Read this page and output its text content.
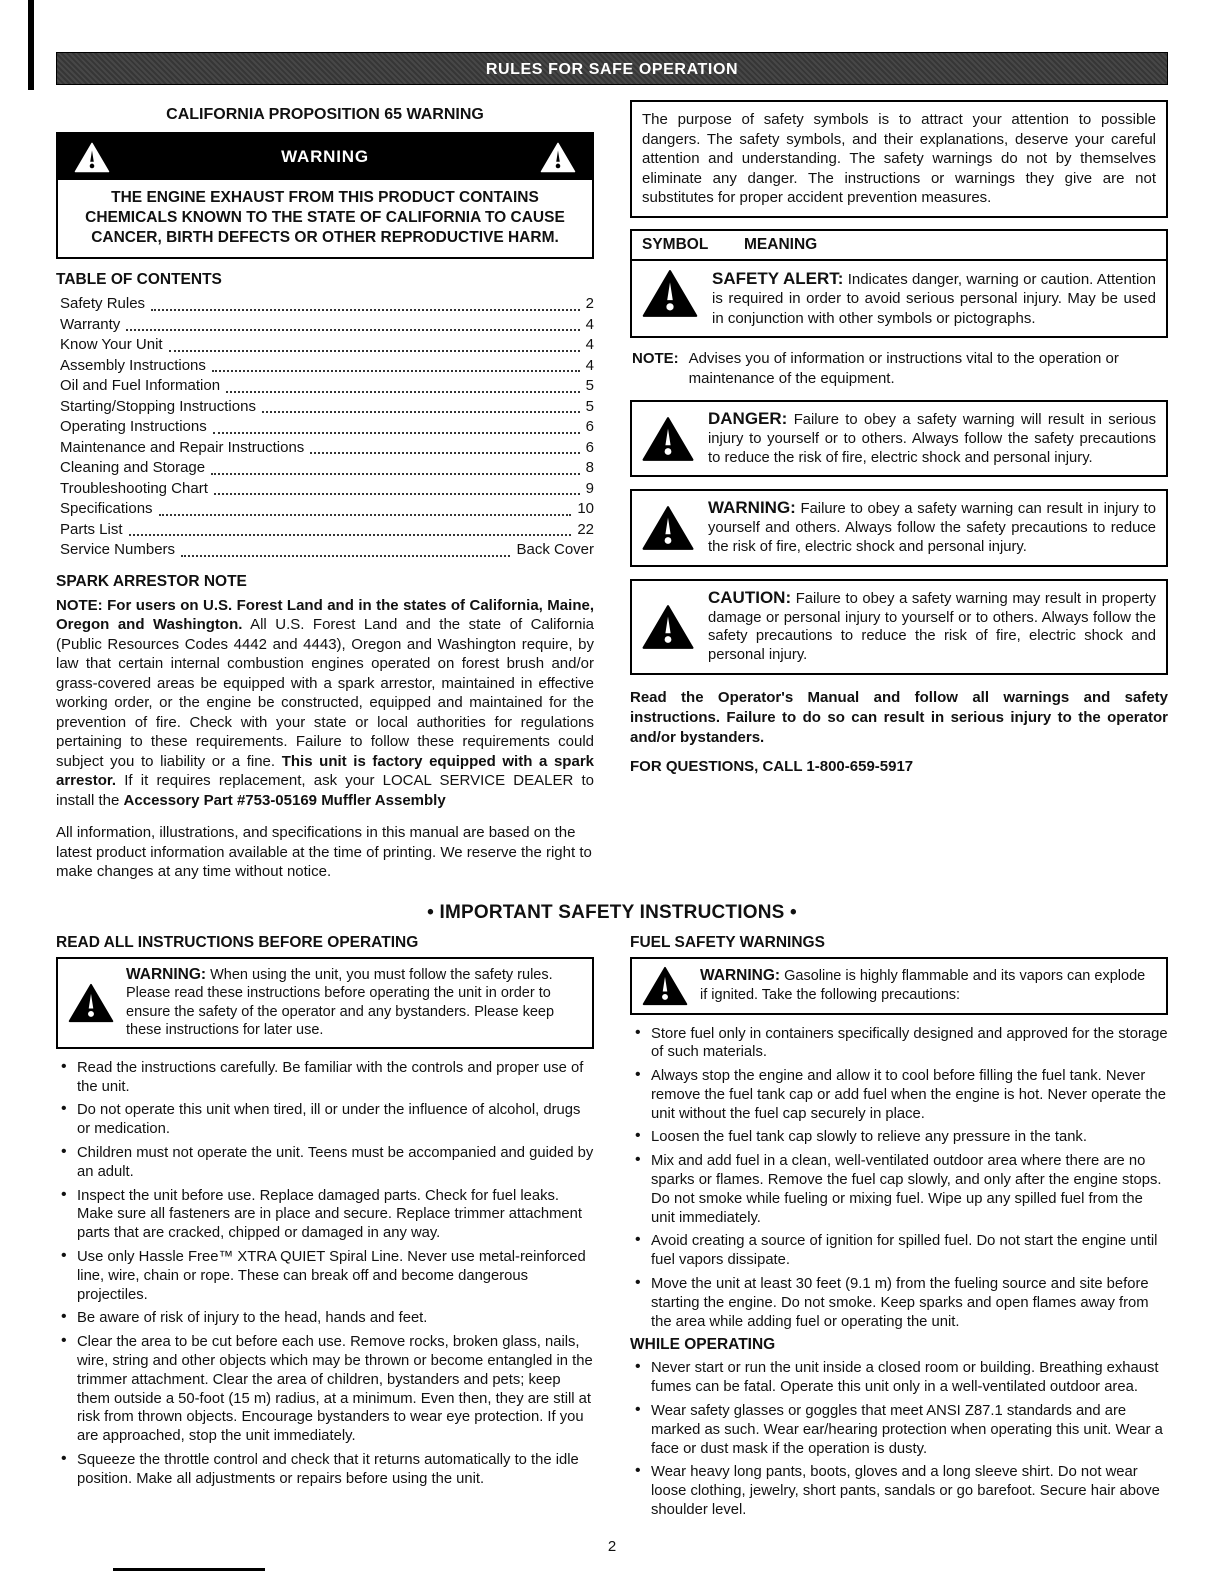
RULES FOR SAFE OPERATION
CALIFORNIA PROPOSITION 65 WARNING
WARNING
THE ENGINE EXHAUST FROM THIS PRODUCT CONTAINS CHEMICALS KNOWN TO THE STATE OF CALIFORNIA TO CAUSE CANCER, BIRTH DEFECTS OR OTHER REPRODUCTIVE HARM.
TABLE OF CONTENTS
Safety Rules	2
Warranty	4
Know Your Unit	4
Assembly Instructions	4
Oil and Fuel Information	5
Starting/Stopping Instructions	5
Operating Instructions	6
Maintenance and Repair Instructions	6
Cleaning and Storage	8
Troubleshooting Chart	9
Specifications	10
Parts List	22
Service Numbers	Back Cover
SPARK ARRESTOR NOTE

NOTE: For users on U.S. Forest Land and in the states of California, Maine, Oregon and Washington. All U.S. Forest Land and the state of California (Public Resources Codes 4442 and 4443), Oregon and Washington require, by law that certain internal combustion engines operated on forest brush and/or grass-covered areas be equipped with a spark arrestor, maintained in effective working order, or the engine be constructed, equipped and maintained for the prevention of fire. Check with your state or local authorities for regulations pertaining to these requirements. Failure to follow these requirements could subject you to liability or a fine. This unit is factory equipped with a spark arrestor. If it requires replacement, ask your LOCAL SERVICE DEALER to install the Accessory Part #753-05169 Muffler Assembly

All information, illustrations, and specifications in this manual are based on the latest product information available at the time of printing. We reserve the right to make changes at any time without notice.

The purpose of safety symbols is to attract your attention to possible dangers. The safety symbols, and their explanations, deserve your careful attention and understanding. The safety warnings do not by themselves eliminate any danger. The instructions or warnings they give are not substitutes for proper accident prevention measures.
SYMBOL	MEANING

SAFETY ALERT: Indicates danger, warning or caution. Attention is required in order to avoid serious personal injury. May be used in conjunction with other symbols or pictographs.

NOTE: Advises you of information or instructions vital to the operation or maintenance of the equipment.

DANGER: Failure to obey a safety warning will result in serious injury to yourself or to others. Always follow the safety precautions to reduce the risk of fire, electric shock and personal injury.

WARNING: Failure to obey a safety warning can result in injury to yourself and others. Always follow the safety precautions to reduce the risk of fire, electric shock and personal injury.

CAUTION: Failure to obey a safety warning may result in property damage or personal injury to yourself or to others. Always follow the safety precautions to reduce the risk of fire, electric shock and personal injury.

Read the Operator's Manual and follow all warnings and safety instructions. Failure to do so can result in serious injury to the operator and/or bystanders.

FOR QUESTIONS, CALL 1-800-659-5917

• IMPORTANT SAFETY INSTRUCTIONS •
READ ALL INSTRUCTIONS BEFORE OPERATING

WARNING: When using the unit, you must follow the safety rules. Please read these instructions before operating the unit in order to ensure the safety of the operator and any bystanders. Please keep these instructions for later use.

• Read the instructions carefully. Be familiar with the controls and proper use of the unit.
• Do not operate this unit when tired, ill or under the influence of alcohol, drugs or medication.
• Children must not operate the unit. Teens must be accompanied and guided by an adult.
• Inspect the unit before use. Replace damaged parts. Check for fuel leaks. Make sure all fasteners are in place and secure. Replace trimmer attachment parts that are cracked, chipped or damaged in any way.
• Use only Hassle Free™ XTRA QUIET Spiral Line. Never use metal-reinforced line, wire, chain or rope. These can break off and become dangerous projectiles.
• Be aware of risk of injury to the head, hands and feet.
• Clear the area to be cut before each use. Remove rocks, broken glass, nails, wire, string and other objects which may be thrown or become entangled in the trimmer attachment. Clear the area of children, bystanders and pets; keep them outside a 50-foot (15 m) radius, at a minimum. Even then, they are still at risk from thrown objects. Encourage bystanders to wear eye protection. If you are approached, stop the unit immediately.
• Squeeze the throttle control and check that it returns automatically to the idle position. Make all adjustments or repairs before using the unit.
FUEL SAFETY WARNINGS

WARNING: Gasoline is highly flammable and its vapors can explode if ignited. Take the following precautions:

• Store fuel only in containers specifically designed and approved for the storage of such materials.
• Always stop the engine and allow it to cool before filling the fuel tank. Never remove the fuel tank cap or add fuel when the engine is hot. Never operate the unit without the fuel cap securely in place.
• Loosen the fuel tank cap slowly to relieve any pressure in the tank.
• Mix and add fuel in a clean, well-ventilated outdoor area where there are no sparks or flames. Remove the fuel cap slowly, and only after the engine stops. Do not smoke while fueling or mixing fuel. Wipe up any spilled fuel from the unit immediately.
• Avoid creating a source of ignition for spilled fuel. Do not start the engine until fuel vapors dissipate.
• Move the unit at least 30 feet (9.1 m) from the fueling source and site before starting the engine. Do not smoke. Keep sparks and open flames away from the area while adding fuel or operating the unit.
WHILE OPERATING
• Never start or run the unit inside a closed room or building. Breathing exhaust fumes can be fatal. Operate this unit only in a well-ventilated outdoor area.
• Wear safety glasses or goggles that meet ANSI Z87.1 standards and are marked as such. Wear ear/hearing protection when operating this unit. Wear a face or dust mask if the operation is dusty.
• Wear heavy long pants, boots, gloves and a long sleeve shirt. Do not wear loose clothing, jewelry, short pants, sandals or go barefoot. Secure hair above shoulder level.
2
